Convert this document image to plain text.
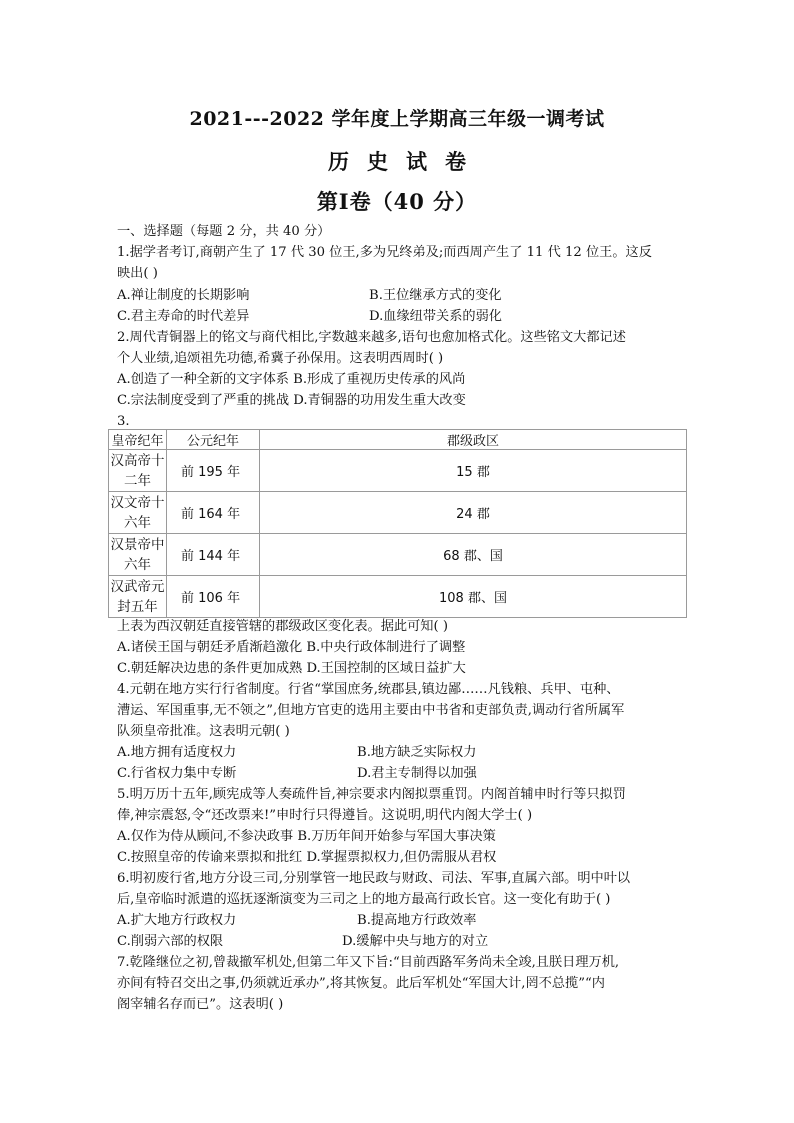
2021---2022 学年度上学期高三年级一调考试
历史试卷
第Ⅰ卷（40 分）
一、选择题（每题 2 分，共 40 分）
1.据学者考订,商朝产生了 17 代 30 位王,多为兄终弟及;而西周产生了 11 代 12 位王。这反
映出( )
A.禅让制度的长期影响	B.王位继承方式的变化
C.君主寿命的时代差异	D.血缘纽带关系的弱化
2.周代青铜器上的铭文与商代相比,字数越来越多,语句也愈加格式化。这些铭文大都记述
个人业绩,追颂祖先功德,希冀子孙保用。这表明西周时( )
A.创造了一种全新的文字体系 B.形成了重视历史传承的风尚
C.宗法制度受到了严重的挑战 D.青铜器的功用发生重大改变
3.
皇帝纪年	公元纪年	郡级政区
汉高帝十
二年	前 195 年	15 郡
汉文帝十
六年	前 164 年	24 郡
汉景帝中
六年	前 144 年	68 郡、国
汉武帝元
封五年	前 106 年	108 郡、国
上表为西汉朝廷直接管辖的郡级政区变化表。据此可知( )
A.诸侯王国与朝廷矛盾渐趋激化 B.中央行政体制进行了调整
C.朝廷解决边患的条件更加成熟 D.王国控制的区域日益扩大
4.元朝在地方实行行省制度。行省“掌国庶务,统郡县,镇边鄙……凡钱粮、兵甲、屯种、
漕运、军国重事,无不领之”,但地方官吏的选用主要由中书省和吏部负责,调动行省所属军
队须皇帝批准。这表明元朝( )
A.地方拥有适度权力	B.地方缺乏实际权力
C.行省权力集中专断	D.君主专制得以加强
5.明万历十五年,顾宪成等人奏疏件旨,神宗要求内阁拟票重罚。内阁首辅申时行等只拟罚
俸,神宗震怒,令“还改票来!”申时行只得遵旨。这说明,明代内阁大学士( )
A.仅作为侍从顾问,不参决政事 B.万历年间开始参与军国大事决策
C.按照皇帝的传谕来票拟和批红 D.掌握票拟权力,但仍需服从君权
6.明初废行省,地方分设三司,分别掌管一地民政与财政、司法、军事,直属六部。明中叶以
后,皇帝临时派遣的巡抚逐渐演变为三司之上的地方最高行政长官。这一变化有助于( )
A.扩大地方行政权力	B.提高地方行政效率
C.削弱六部的权限	D.缓解中央与地方的对立
7.乾隆继位之初,曾裁撤军机处,但第二年又下旨:“目前西路军务尚未全竣,且朕日理万机,
亦间有特召交出之事,仍须就近承办”,将其恢复。此后军机处“军国大计,罔不总揽”“内
阁宰辅名存而已”。这表明( )
